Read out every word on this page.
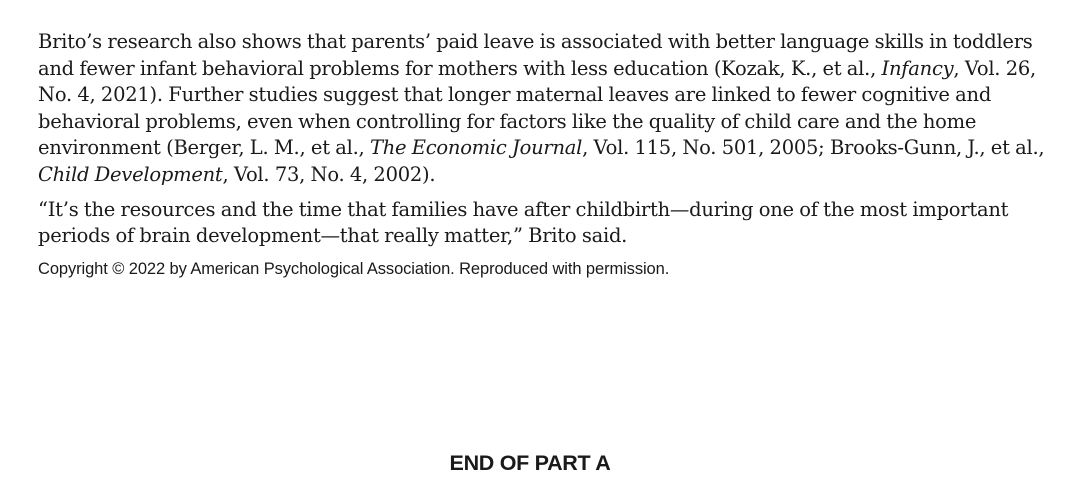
Brito’s research also shows that parents’ paid leave is associated with better language skills in toddlers and fewer infant behavioral problems for mothers with less education (Kozak, K., et al., Infancy, Vol. 26, No. 4, 2021). Further studies suggest that longer maternal leaves are linked to fewer cognitive and behavioral problems, even when controlling for factors like the quality of child care and the home environment (Berger, L. M., et al., The Economic Journal, Vol. 115, No. 501, 2005; Brooks-Gunn, J., et al., Child Development, Vol. 73, No. 4, 2002).

“It’s the resources and the time that families have after childbirth—during one of the most important periods of brain development—that really matter,” Brito said.

Copyright © 2022 by American Psychological Association. Reproduced with permission.

END OF PART A
